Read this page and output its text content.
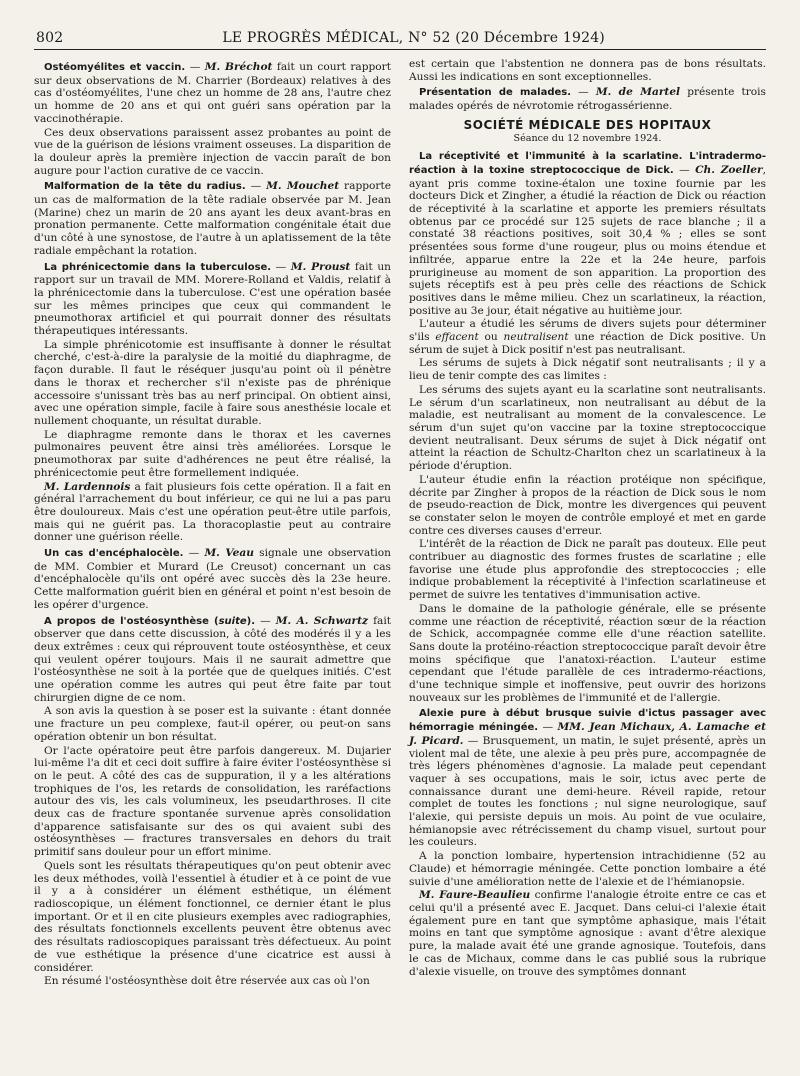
802	LE PROGRÈS MÉDICAL, N° 52 (20 Décembre 1924)

Ostéomyélites et vaccin. — M. Bréchot fait un court rapport sur deux observations de M. Charrier (Bordeaux) relatives à des cas d'ostéomyélites, l'une chez un homme de 28 ans, l'autre chez un homme de 20 ans et qui ont guéri sans opération par la vaccinothérapie.

Ces deux observations paraissent assez probantes au point de vue de la guérison de lésions vraiment osseuses. La disparition de la douleur après la première injection de vaccin paraît de bon augure pour l'action curative de ce vaccin.

Malformation de la tête du radius. — M. Mouchet rapporte un cas de malformation de la tête radiale observée par M. Jean (Marine) chez un marin de 20 ans ayant les deux avant-bras en pronation permanente. Cette malformation congénitale était due d'un côté à une synostose, de l'autre à un aplatissement de la tête radiale empêchant la rotation.

La phrénicectomie dans la tuberculose. — M. Proust fait un rapport sur un travail de MM. Morere-Rolland et Valdis, relatif à la phrénicectomie dans la tuberculose. C'est une opération basée sur les mêmes principes que ceux qui commandent le pneumothorax artificiel et qui pourrait donner des résultats thérapeutiques intéressants.

La simple phrénicotomie est insuffisante à donner le résultat cherché, c'est-à-dire la paralysie de la moitié du diaphragme, de façon durable. Il faut le réséquer jusqu'au point où il pénètre dans le thorax et rechercher s'il n'existe pas de phrénique accessoire s'unissant très bas au nerf principal. On obtient ainsi, avec une opération simple, facile à faire sous anesthésie locale et nullement choquante, un résultat durable.

Le diaphragme remonte dans le thorax et les cavernes pulmonaires peuvent être ainsi très améliorées. Lorsque le pneumothorax par suite d'adhérences ne peut être réalisé, la phrénicectomie peut être formellement indiquée.

M. Lardennois a fait plusieurs fois cette opération. Il a fait en général l'arrachement du bout inférieur, ce qui ne lui a pas paru être douloureux. Mais c'est une opération peut-être utile parfois, mais qui ne guérit pas. La thoracoplastie peut au contraire donner une guérison réelle.

Un cas d'encéphalocèle. — M. Veau signale une observation de MM. Combier et Murard (Le Creusot) concernant un cas d'encéphalocèle qu'ils ont opéré avec succès dès la 23e heure. Cette malformation guérit bien en général et point n'est besoin de les opérer d'urgence.

A propos de l'ostéosynthèse (suite). — M. A. Schwartz fait observer que dans cette discussion, à côté des modérés il y a les deux extrêmes : ceux qui réprouvent toute ostéosynthèse, et ceux qui veulent opérer toujours. Mais il ne saurait admettre que l'ostéosynthèse ne soit à la portée que de quelques initiés. C'est une opération comme les autres qui peut être faite par tout chirurgien digne de ce nom.

A son avis la question à se poser est la suivante : étant donnée une fracture un peu complexe, faut-il opérer, ou peut-on sans opération obtenir un bon résultat.

Or l'acte opératoire peut être parfois dangereux. M. Dujarier lui-même l'a dit et ceci doit suffire à faire éviter l'ostéosynthèse si on le peut. A côté des cas de suppuration, il y a les altérations trophiques de l'os, les retards de consolidation, les raréfactions autour des vis, les cals volumineux, les pseudarthroses. Il cite deux cas de fracture spontanée survenue après consolidation d'apparence satisfaisante sur des os qui avaient subi des ostéosynthèses — fractures transversales en dehors du trait primitif sans douleur pour un effort minime.

Quels sont les résultats thérapeutiques qu'on peut obtenir avec les deux méthodes, voilà l'essentiel à étudier et à ce point de vue il y a à considérer un élément esthétique, un élément radioscopique, un élément fonctionnel, ce dernier étant le plus important. Or et il en cite plusieurs exemples avec radiographies, des résultats fonctionnels excellents peuvent être obtenus avec des résultats radioscopiques paraissant très défectueux. Au point de vue esthétique la présence d'une cicatrice est aussi à considérer.

En résumé l'ostéosynthèse doit être réservée aux cas où l'on

est certain que l'abstention ne donnera pas de bons résultats. Aussi les indications en sont exceptionnelles.

Présentation de malades. — M. de Martel présente trois malades opérés de névrotomie rétrogassérienne.

SOCIÉTÉ MÉDICALE DES HOPITAUX
Séance du 12 novembre 1924.

La réceptivité et l'immunité à la scarlatine. L'intradermo-réaction à la toxine streptococcique de Dick. — Ch. Zoeller, ayant pris comme toxine-étalon une toxine fournie par les docteurs Dick et Zingher, a étudié la réaction de Dick ou réaction de réceptivité à la scarlatine et apporte les premiers résultats obtenus par ce procédé sur 125 sujets de race blanche ; il a constaté 38 réactions positives, soit 30,4 % ; elles se sont présentées sous forme d'une rougeur, plus ou moins étendue et infiltrée, apparue entre la 22e et la 24e heure, parfois prurigineuse au moment de son apparition. La proportion des sujets réceptifs est à peu près celle des réactions de Schick positives dans le même milieu. Chez un scarlatineux, la réaction, positive au 3e jour, était négative au huitième jour.

L'auteur a étudié les sérums de divers sujets pour déterminer s'ils effacent ou neutralisent une réaction de Dick positive. Un sérum de sujet à Dick positif n'est pas neutralisant.

Les sérums de sujets à Dick négatif sont neutralisants ; il y a lieu de tenir compte des cas limites :

Les sérums des sujets ayant eu la scarlatine sont neutralisants. Le sérum d'un scarlatineux, non neutralisant au début de la maladie, est neutralisant au moment de la convalescence. Le sérum d'un sujet qu'on vaccine par la toxine streptococcique devient neutralisant. Deux sérums de sujet à Dick négatif ont atteint la réaction de Schultz-Charlton chez un scarlatineux à la période d'éruption.

L'auteur étudie enfin la réaction protéique non spécifique, décrite par Zingher à propos de la réaction de Dick sous le nom de pseudo-reaction de Dick, montre les divergences qui peuvent se constater selon le moyen de contrôle employé et met en garde contre ces diverses causes d'erreur.

L'intérêt de la réaction de Dick ne paraît pas douteux. Elle peut contribuer au diagnostic des formes frustes de scarlatine ; elle favorise une étude plus approfondie des streptococcies ; elle indique probablement la réceptivité à l'infection scarlatineuse et permet de suivre les tentatives d'immunisation active.

Dans le domaine de la pathologie générale, elle se présente comme une réaction de réceptivité, réaction sœur de la réaction de Schick, accompagnée comme elle d'une réaction satellite. Sans doute la protéino-réaction streptococcique paraît devoir être moins spécifique que l'anatoxi-réaction. L'auteur estime cependant que l'étude parallèle de ces intradermo-réactions, d'une technique simple et inoffensive, peut ouvrir des horizons nouveaux sur les problèmes de l'immunité et de l'allergie.

Alexie pure à début brusque suivie d'ictus passager avec hémorragie méningée. — MM. Jean Michaux, A. Lamache et J. Picard. — Brusquement, un matin, le sujet présenté, après un violent mal de tête, une alexie à peu près pure, accompagnée de très légers phénomènes d'agnosie. La malade peut cependant vaquer à ses occupations, mais le soir, ictus avec perte de connaissance durant une demi-heure. Réveil rapide, retour complet de toutes les fonctions ; nul signe neurologique, sauf l'alexie, qui persiste depuis un mois. Au point de vue oculaire, hémianopsie avec rétrécissement du champ visuel, surtout pour les couleurs.

A la ponction lombaire, hypertension intrachidienne (52 au Claude) et hémorragie méningée. Cette ponction lombaire a été suivie d'une amélioration nette de l'alexie et de l'hémianopsie.

M. Faure-Beaulieu confirme l'analogie étroite entre ce cas et celui qu'il a présenté avec E. Jacquet. Dans celui-ci l'alexie était également pure en tant que symptôme aphasique, mais l'était moins en tant que symptôme agnosique : avant d'être alexique pure, la malade avait été une grande agnosique. Toutefois, dans le cas de Michaux, comme dans le cas publié sous la rubrique d'alexie visuelle, on trouve des symptômes donnant
